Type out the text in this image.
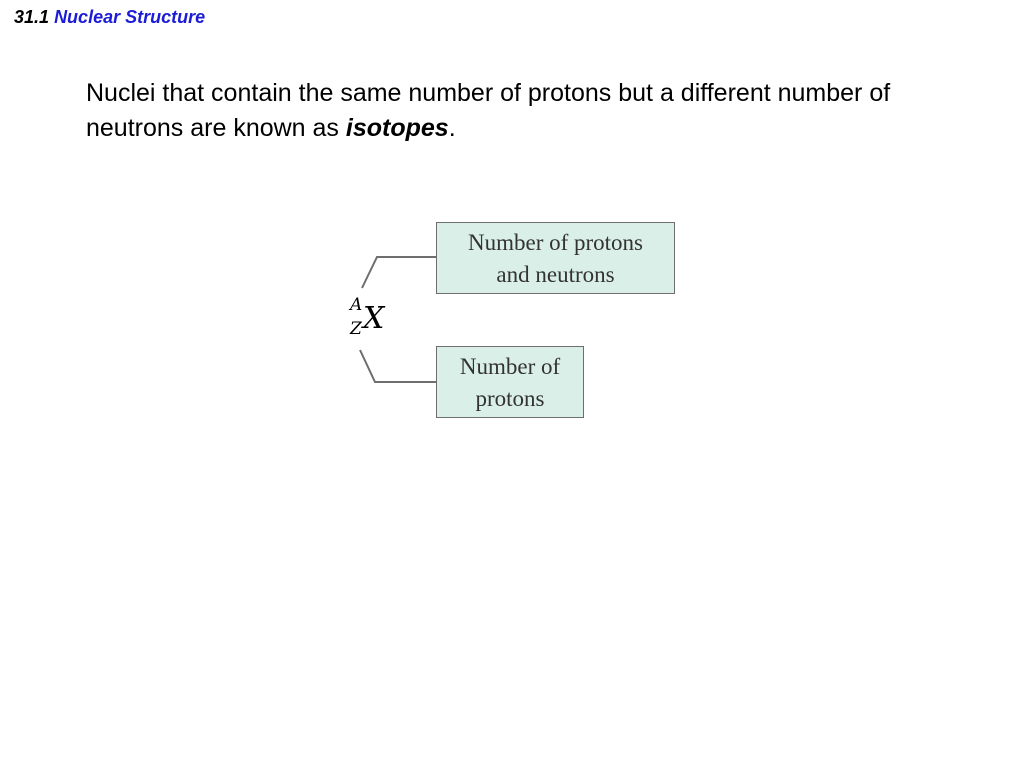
31.1 Nuclear Structure
Nuclei that contain the same number of protons but a different number of neutrons are known as isotopes.
A
Z X
Number of protons
and neutrons
Number of
protons
